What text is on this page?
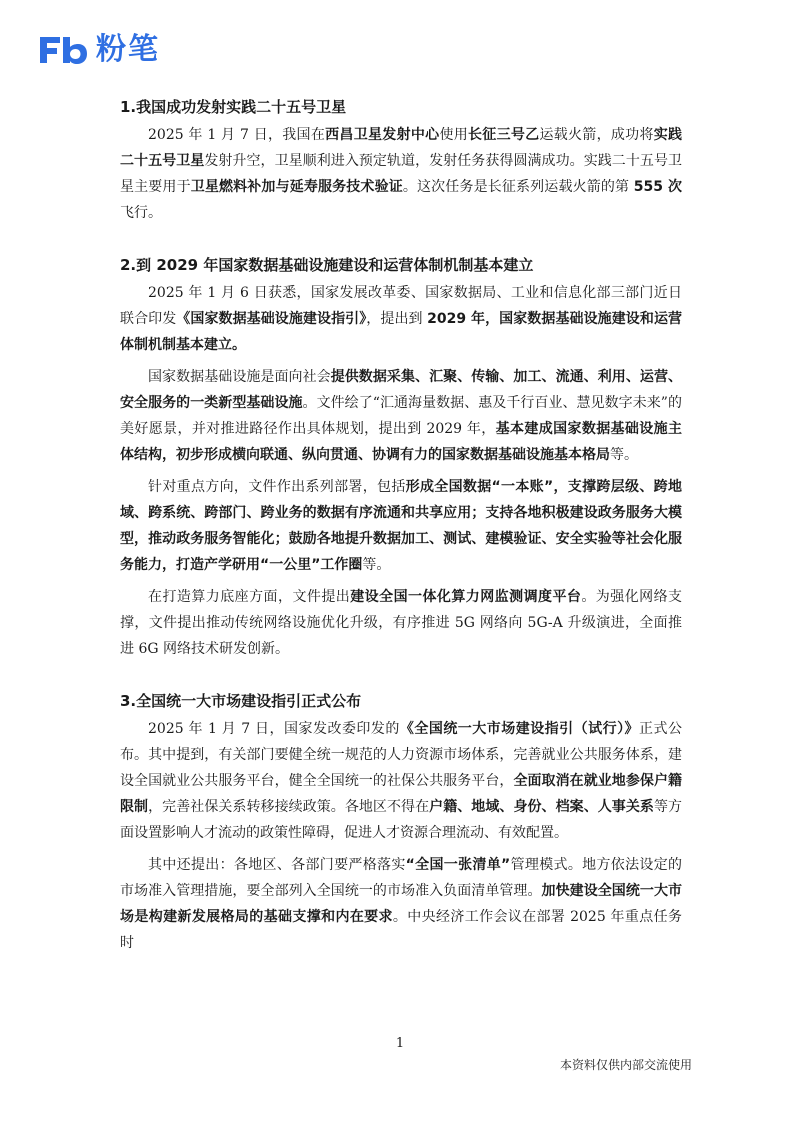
粉笔
1.我国成功发射实践二十五号卫星

2025 年 1 月 7 日，我国在西昌卫星发射中心使用长征三号乙运载火箭，成功将实践二十五号卫星发射升空，卫星顺利进入预定轨道，发射任务获得圆满成功。实践二十五号卫星主要用于卫星燃料补加与延寿服务技术验证。这次任务是长征系列运载火箭的第 555 次飞行。

2.到 2029 年国家数据基础设施建设和运营体制机制基本建立

2025 年 1 月 6 日获悉，国家发展改革委、国家数据局、工业和信息化部三部门近日联合印发《国家数据基础设施建设指引》，提出到 2029 年，国家数据基础设施建设和运营体制机制基本建立。

国家数据基础设施是面向社会提供数据采集、汇聚、传输、加工、流通、利用、运营、安全服务的一类新型基础设施。文件绘了“汇通海量数据、惠及千行百业、慧见数字未来”的美好愿景，并对推进路径作出具体规划，提出到 2029 年，基本建成国家数据基础设施主体结构，初步形成横向联通、纵向贯通、协调有力的国家数据基础设施基本格局等。

针对重点方向，文件作出系列部署，包括形成全国数据“一本账”，支撑跨层级、跨地域、跨系统、跨部门、跨业务的数据有序流通和共享应用；支持各地积极建设政务服务大模型，推动政务服务智能化；鼓励各地提升数据加工、测试、建模验证、安全实验等社会化服务能力，打造产学研用“一公里”工作圈等。

在打造算力底座方面，文件提出建设全国一体化算力网监测调度平台。为强化网络支撑，文件提出推动传统网络设施优化升级，有序推进 5G 网络向 5G-A 升级演进，全面推进 6G 网络技术研发创新。

3.全国统一大市场建设指引正式公布

2025 年 1 月 7 日，国家发改委印发的《全国统一大市场建设指引（试行）》正式公布。其中提到，有关部门要健全统一规范的人力资源市场体系，完善就业公共服务体系，建设全国就业公共服务平台，健全全国统一的社保公共服务平台，全面取消在就业地参保户籍限制，完善社保关系转移接续政策。各地区不得在户籍、地域、身份、档案、人事关系等方面设置影响人才流动的政策性障碍，促进人才资源合理流动、有效配置。

其中还提出：各地区、各部门要严格落实“全国一张清单”管理模式。地方依法设定的市场准入管理措施，要全部列入全国统一的市场准入负面清单管理。加快建设全国统一大市场是构建新发展格局的基础支撑和内在要求。中央经济工作会议在部署 2025 年重点任务时

1
本资料仅供内部交流使用
